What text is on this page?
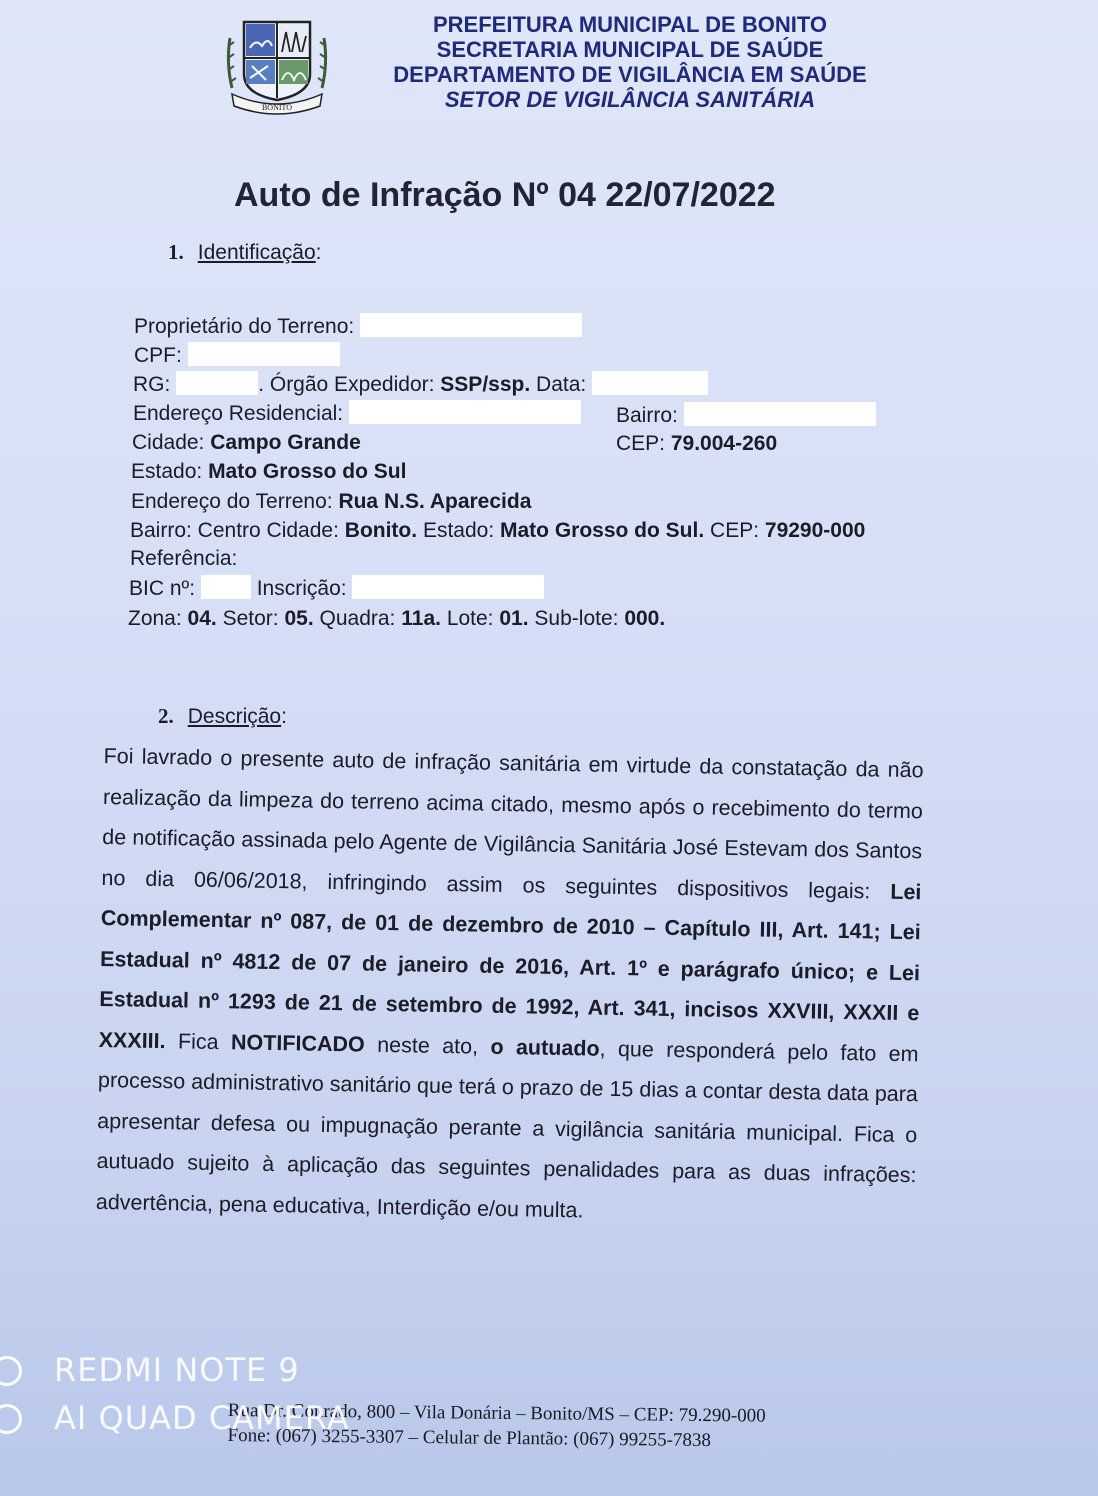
BONITO
PREFEITURA MUNICIPAL DE BONITO
SECRETARIA MUNICIPAL DE SAÚDE
DEPARTAMENTO DE VIGILÂNCIA EM SAÚDE
SETOR DE VIGILÂNCIA SANITÁRIA
Auto de Infração Nº 04 22/07/2022
1. Identificação:
Proprietário do Terreno:
CPF:
RG:	. Órgão Expedidor: SSP/ssp. Data:
Endereço Residencial:	Bairro:
Cidade: Campo Grande	CEP: 79.004-260
Estado: Mato Grosso do Sul
Endereço do Terreno: Rua N.S. Aparecida
Bairro: Centro Cidade: Bonito. Estado: Mato Grosso do Sul. CEP: 79290-000
Referência:
BIC nº:	Inscrição:
Zona: 04. Setor: 05. Quadra: 11a. Lote: 01. Sub-lote: 000.
2. Descrição:
Foi lavrado o presente auto de infração sanitária em virtude da constatação da não realização da limpeza do terreno acima citado, mesmo após o recebimento do termo de notificação assinada pelo Agente de Vigilância Sanitária José Estevam dos Santos no dia 06/06/2018, infringindo assim os seguintes dispositivos legais: Lei Complementar nº 087, de 01 de dezembro de 2010 – Capítulo III, Art. 141; Lei Estadual nº 4812 de 07 de janeiro de 2016, Art. 1º e parágrafo único; e Lei Estadual nº 1293 de 21 de setembro de 1992, Art. 341, incisos XXVIII, XXXII e XXXIII. Fica NOTIFICADO neste ato, o autuado, que responderá pelo fato em processo administrativo sanitário que terá o prazo de 15 dias a contar desta data para apresentar defesa ou impugnação perante a vigilância sanitária municipal. Fica o autuado sujeito à aplicação das seguintes penalidades para as duas infrações: advertência, pena educativa, Interdição e/ou multa.
Rua Dr. Conrado, 800 – Vila Donária – Bonito/MS – CEP: 79.290-000
Fone: (067) 3255-3307 – Celular de Plantão: (067) 99255-7838
REDMI NOTE 9
AI QUAD CAMERA
